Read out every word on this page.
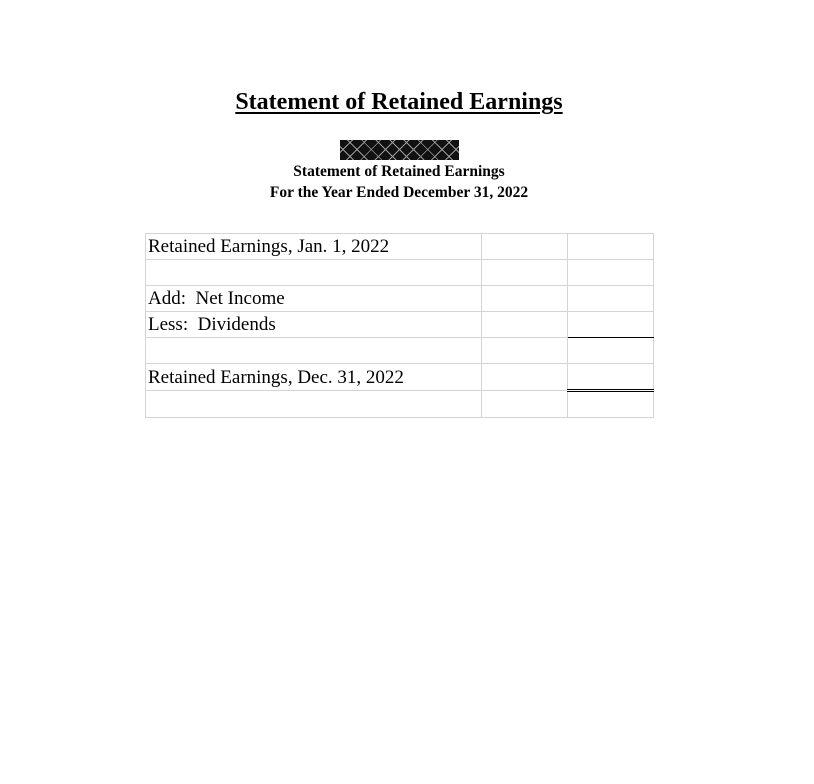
Statement of Retained Earnings
Statement of Retained Earnings
For the Year Ended December 31, 2022
Retained Earnings, Jan. 1, 2022		

Add:  Net Income		
Less:  Dividends		

Retained Earnings, Dec. 31, 2022		
